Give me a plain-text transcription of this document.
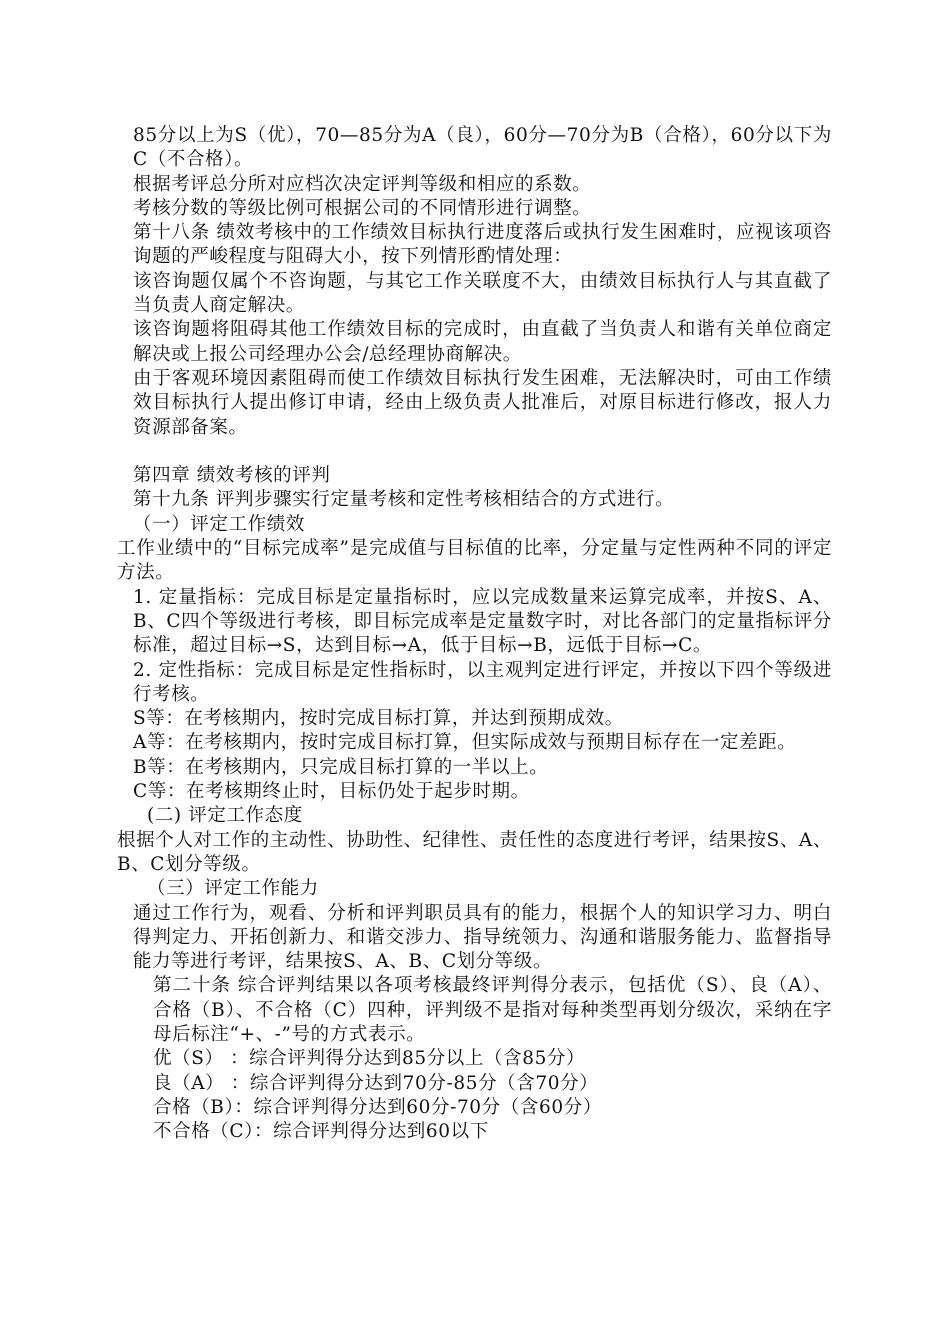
85分以上为S（优），70—85分为A（良），60分—70分为B（合格），60分以下为C（不合格）。

根据考评总分所对应档次决定评判等级和相应的系数。

考核分数的等级比例可根据公司的不同情形进行调整。

第十八条 绩效考核中的工作绩效目标执行进度落后或执行发生困难时，应视该项咨询题的严峻程度与阻碍大小，按下列情形酌情处理：

该咨询题仅属个不咨询题，与其它工作关联度不大，由绩效目标执行人与其直截了当负责人商定解决。

该咨询题将阻碍其他工作绩效目标的完成时，由直截了当负责人和谐有关单位商定解决或上报公司经理办公会/总经理协商解决。

由于客观环境因素阻碍而使工作绩效目标执行发生困难，无法解决时，可由工作绩效目标执行人提出修订申请，经由上级负责人批准后，对原目标进行修改，报人力资源部备案。

第四章 绩效考核的评判

第十九条 评判步骤实行定量考核和定性考核相结合的方式进行。

（一）评定工作绩效

工作业绩中的“目标完成率”是完成值与目标值的比率，分定量与定性两种不同的评定方法。

1. 定量指标：完成目标是定量指标时，应以完成数量来运算完成率，并按S、A、B、C四个等级进行考核，即目标完成率是定量数字时，对比各部门的定量指标评分标准，超过目标→S，达到目标→A，低于目标→B，远低于目标→C。

2. 定性指标：完成目标是定性指标时，以主观判定进行评定，并按以下四个等级进行考核。

S等：在考核期内，按时完成目标打算，并达到预期成效。

A等：在考核期内，按时完成目标打算，但实际成效与预期目标存在一定差距。

B等：在考核期内，只完成目标打算的一半以上。

C等：在考核期终止时，目标仍处于起步时期。

(二) 评定工作态度

根据个人对工作的主动性、协助性、纪律性、责任性的态度进行考评，结果按S、A、B、C划分等级。

（三）评定工作能力

通过工作行为，观看、分析和评判职员具有的能力，根据个人的知识学习力、明白得判定力、开拓创新力、和谐交涉力、指导统领力、沟通和谐服务能力、监督指导能力等进行考评，结果按S、A、B、C划分等级。

第二十条 综合评判结果以各项考核最终评判得分表示，包括优（S）、良（A）、合格（B）、不合格（C）四种，评判级不是指对每种类型再划分级次，采纳在字母后标注“+、-”号的方式表示。

优（S） ：综合评判得分达到85分以上（含85分）

良（A） ：综合评判得分达到70分-85分（含70分）

合格（B）：综合评判得分达到60分-70分（含60分）

不合格（C）：综合评判得分达到60以下
